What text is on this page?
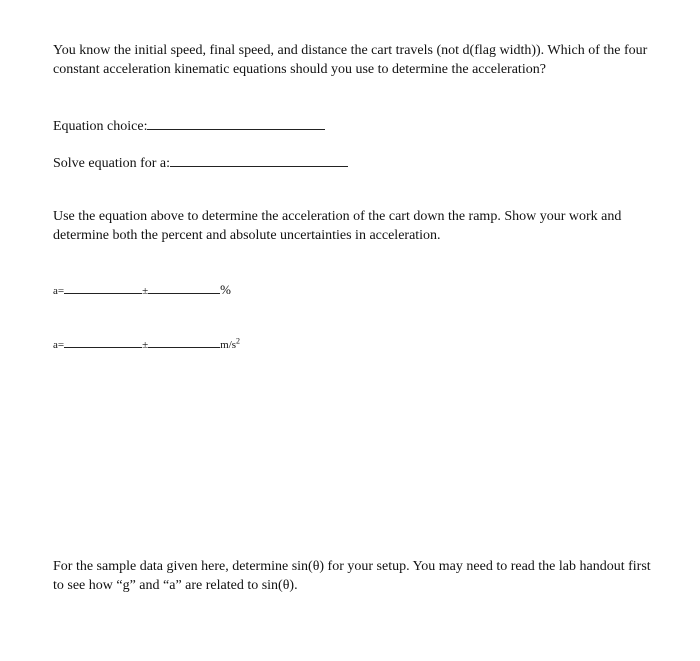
You know the initial speed, final speed, and distance the cart travels (not d(flag width)). Which of the four constant acceleration kinematic equations should you use to determine the acceleration?

Equation choice:
Solve equation for a:

Use the equation above to determine the acceleration of the cart down the ramp. Show your work and determine both the percent and absolute uncertainties in acceleration.

a=	±	%
a=	±	$m/s^2$

For the sample data given here, determine sin(θ) for your setup. You may need to read the lab handout first to see how “g” and “a” are related to sin(θ).
